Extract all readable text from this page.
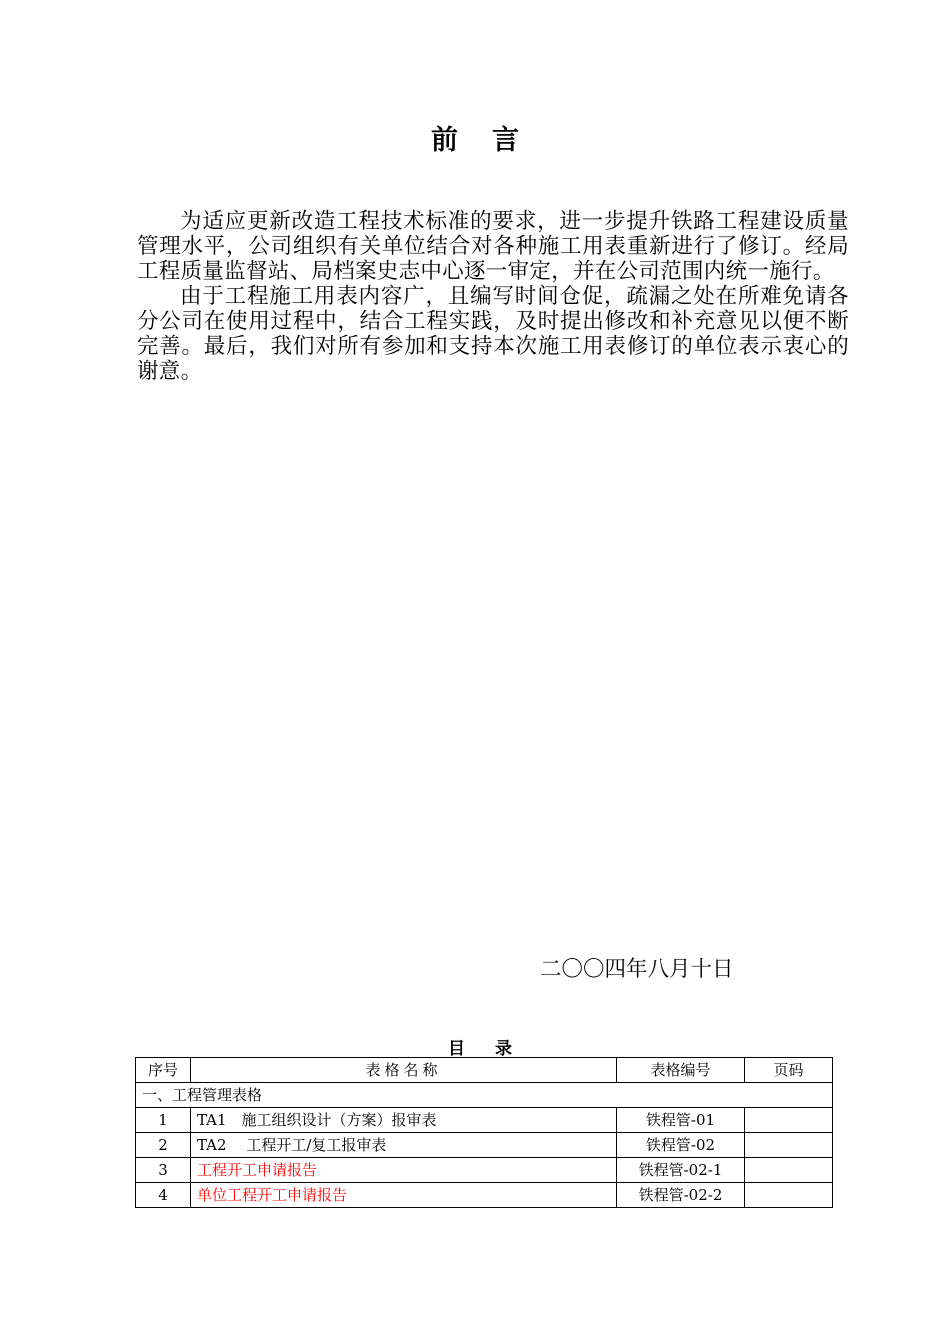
前言

为适应更新改造工程技术标准的要求，进一步提升铁路工程建设质量管理水平，公司组织有关单位结合对各种施工用表重新进行了修订。经局工程质量监督站、局档案史志中心逐一审定，并在公司范围内统一施行。

由于工程施工用表内容广，且编写时间仓促，疏漏之处在所难免请各分公司在使用过程中，结合工程实践，及时提出修改和补充意见以便不断完善。最后，我们对所有参加和支持本次施工用表修订的单位表示衷心的谢意。

二〇〇四年八月十日
目录
序号	表格名称	表格编号	页码
一、工程管理表格			
1	TA1　施工组织设计（方案）报审表	铁程管-01	
2	TA2　 工程开工/复工报审表	铁程管-02	
3	工程开工申请报告	铁程管-02-1	
4	单位工程开工申请报告	铁程管-02-2	
